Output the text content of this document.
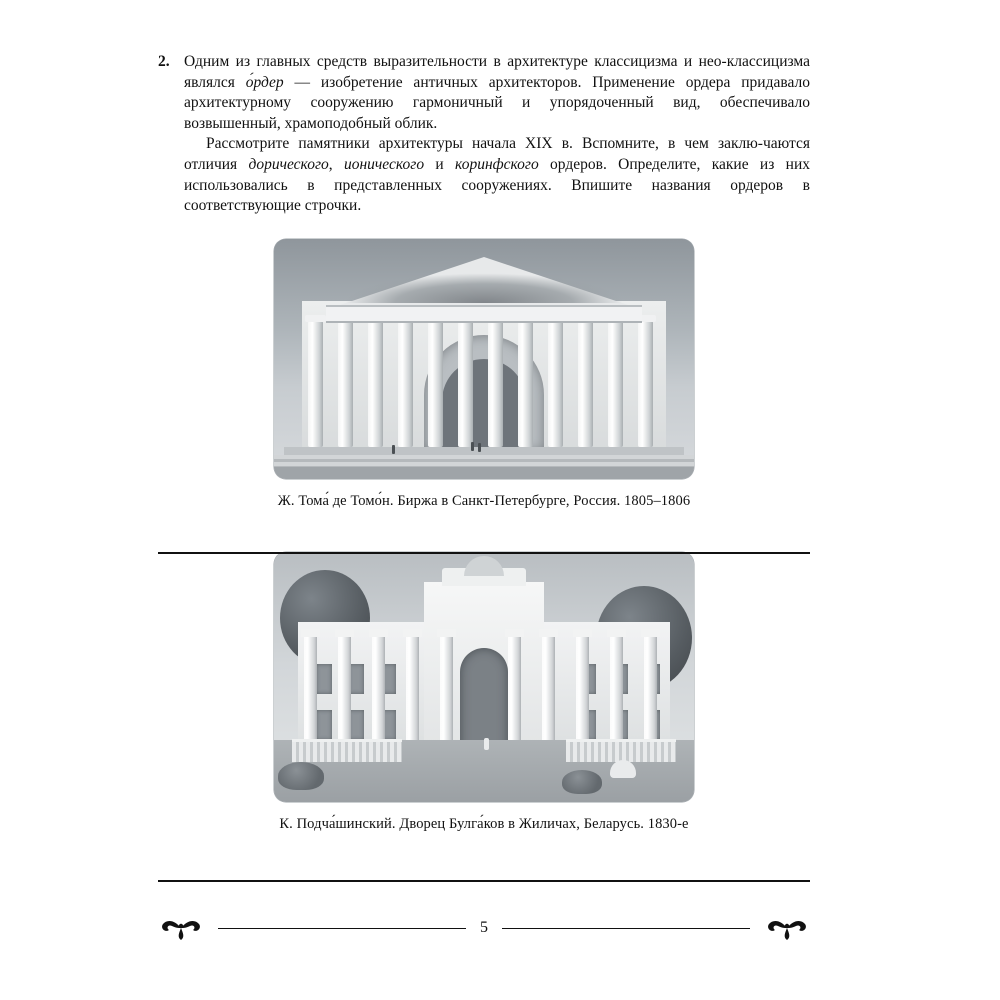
2. Одним из главных средств выразительности в архитектуре классицизма и нео-классицизма являлся о́рдер — изобретение античных архитекторов. Применение ордера придавало архитектурному сооружению гармоничный и упорядоченный вид, обеспечивало возвышенный, храмоподобный облик.

Рассмотрите памятники архитектуры начала XIX в. Вспомните, в чем заклю-чаются отличия дорического, ионического и коринфского ордеров. Определите, какие из них использовались в представленных сооружениях. Впишите названия ордеров в соответствующие строчки.

Ж. Тома́ де Томо́н. Биржа в Санкт-Петербурге, Россия. 1805–1806
К. Подча́шинский. Дворец Булга́ков в Жиличах, Беларусь. 1830-е
5
